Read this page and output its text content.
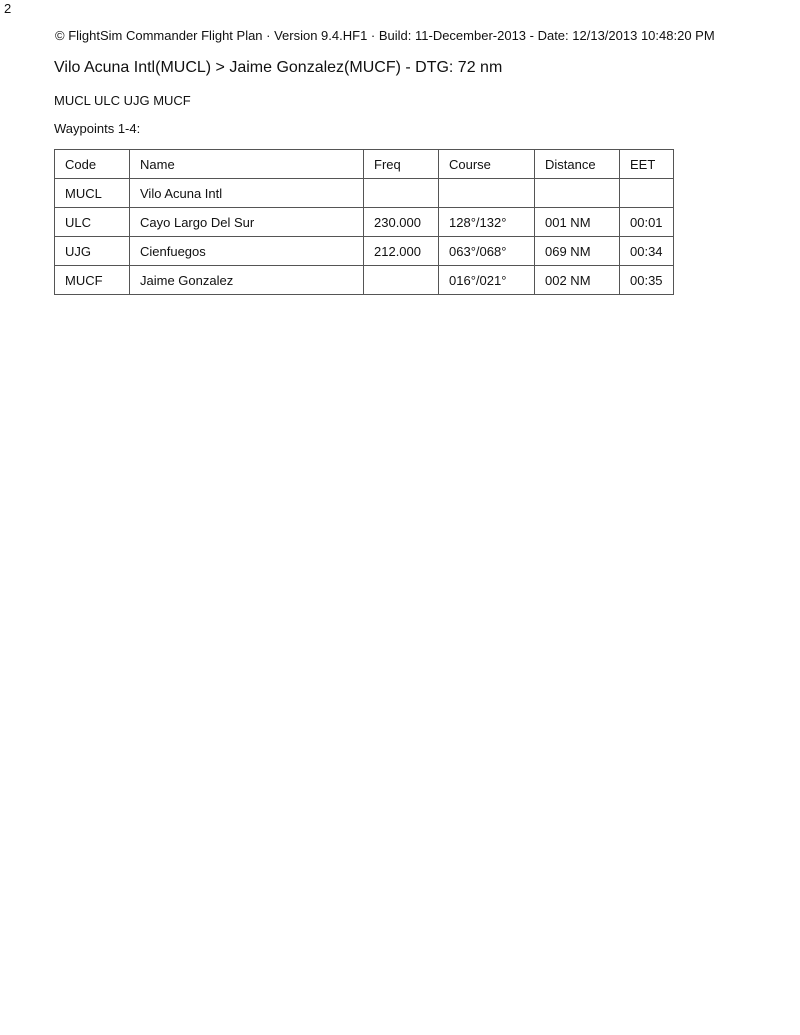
2
© FlightSim Commander Flight Plan · Version 9.4.HF1 · Build: 11-December-2013 - Date: 12/13/2013 10:48:20 PM
Vilo Acuna Intl(MUCL) > Jaime Gonzalez(MUCF) - DTG: 72 nm
MUCL ULC UJG MUCF
Waypoints 1-4:
Code	Name	Freq	Course	Distance	EET
MUCL	Vilo Acuna Intl				
ULC	Cayo Largo Del Sur	230.000	128°/132°	001 NM	00:01
UJG	Cienfuegos	212.000	063°/068°	069 NM	00:34
MUCF	Jaime Gonzalez		016°/021°	002 NM	00:35
